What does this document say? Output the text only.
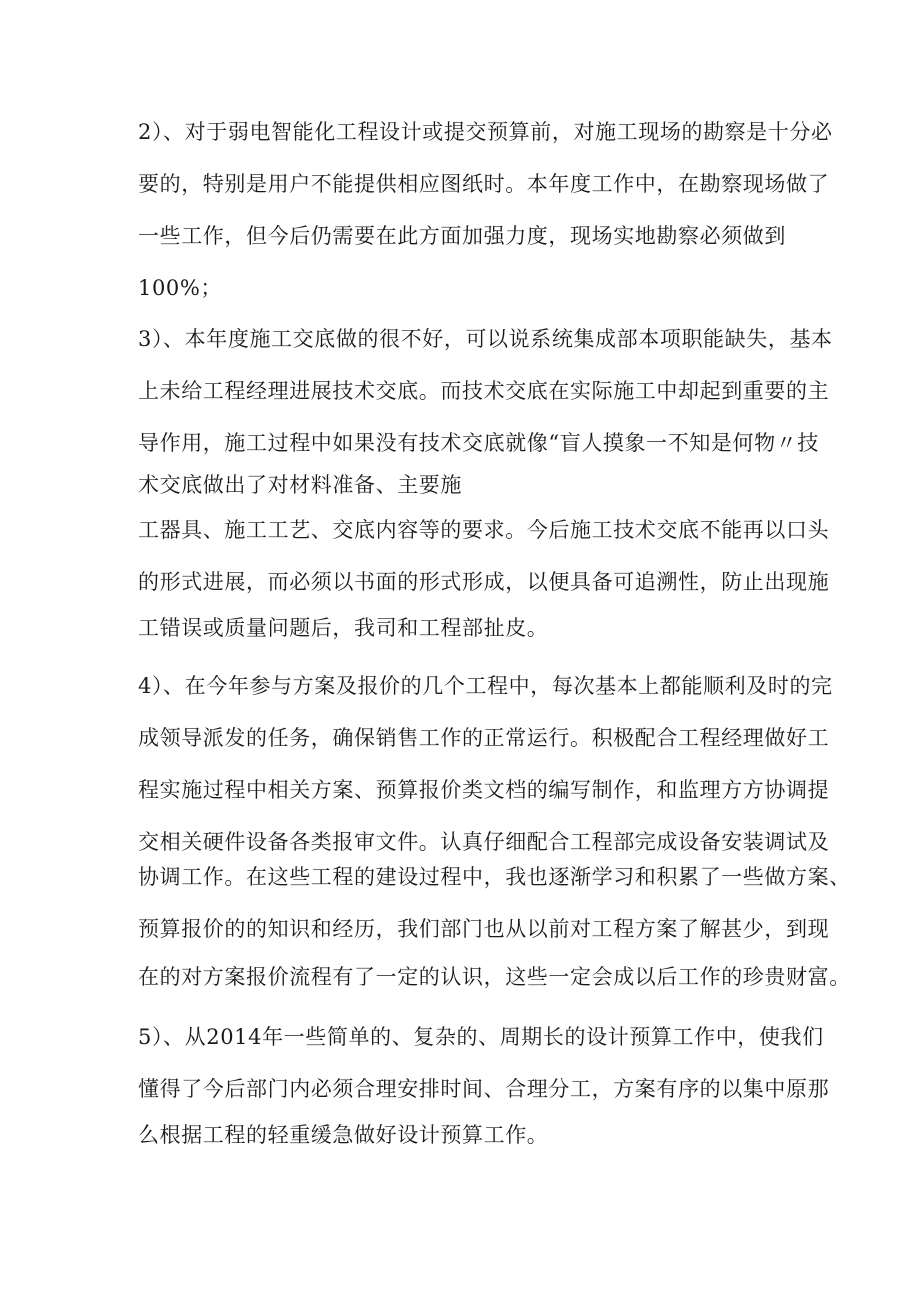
2）、对于弱电智能化工程设计或提交预算前，对施工现场的勘察是十分必
要的，特别是用户不能提供相应图纸时。本年度工作中，在勘察现场做了
一些工作，但今后仍需要在此方面加强力度，现场实地勘察必须做到
100%；
3）、本年度施工交底做的很不好，可以说系统集成部本项职能缺失，基本
上未给工程经理进展技术交底。而技术交底在实际施工中却起到重要的主
导作用，施工过程中如果没有技术交底就像“盲人摸象一不知是何物〃技
术交底做出了对材料准备、主要施
工器具、施工工艺、交底内容等的要求。今后施工技术交底不能再以口头
的形式进展，而必须以书面的形式形成，以便具备可追溯性，防止出现施
工错误或质量问题后，我司和工程部扯皮。
4）、在今年参与方案及报价的几个工程中，每次基本上都能顺利及时的完
成领导派发的任务，确保销售工作的正常运行。积极配合工程经理做好工
程实施过程中相关方案、预算报价类文档的编写制作，和监理方方协调提
交相关硬件设备各类报审文件。认真仔细配合工程部完成设备安装调试及
协调工作。在这些工程的建设过程中，我也逐渐学习和积累了一些做方案、
预算报价的的知识和经历，我们部门也从以前对工程方案了解甚少，到现
在的对方案报价流程有了一定的认识，这些一定会成以后工作的珍贵财富。
5）、从2014年一些简单的、复杂的、周期长的设计预算工作中，使我们
懂得了今后部门内必须合理安排时间、合理分工，方案有序的以集中原那
么根据工程的轻重缓急做好设计预算工作。
